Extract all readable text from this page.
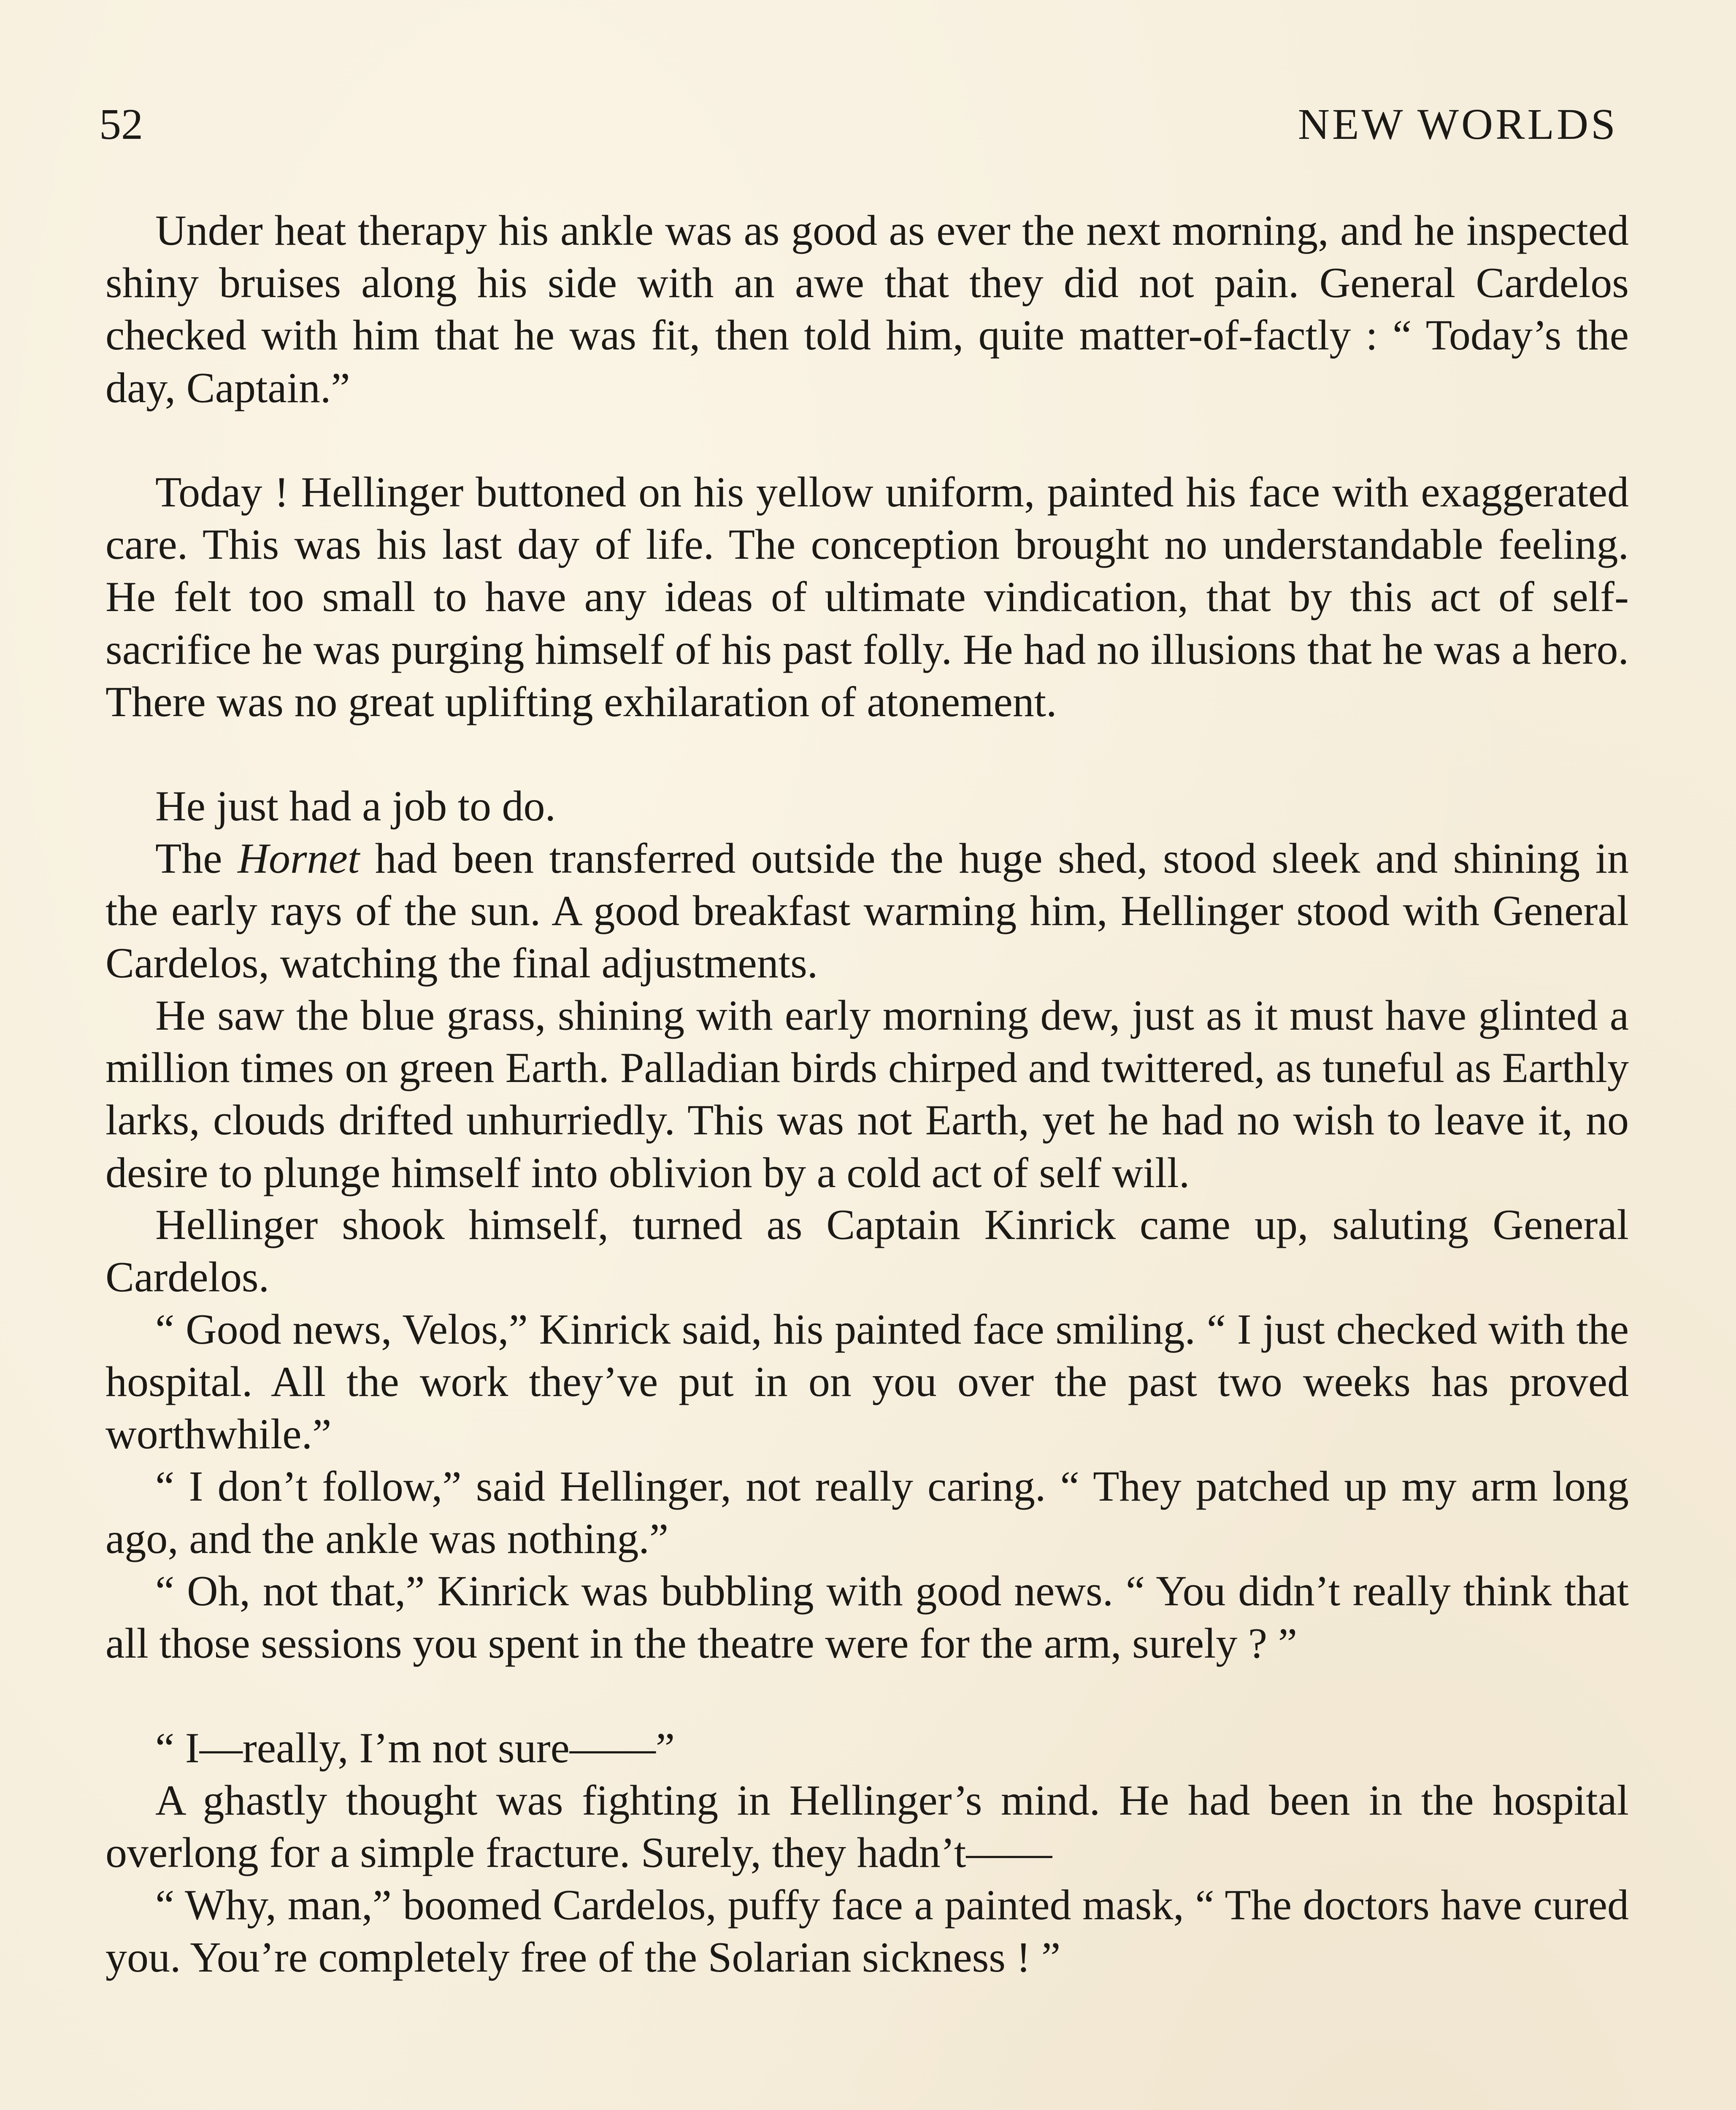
52	NEW WORLDS

Under heat therapy his ankle was as good as ever the next morning, and he inspected shiny bruises along his side with an awe that they did not pain. General Cardelos checked with him that he was fit, then told him, quite matter-of-factly : “ Today’s the day, Captain.”

Today ! Hellinger buttoned on his yellow uniform, painted his face with exaggerated care. This was his last day of life. The conception brought no understandable feeling. He felt too small to have any ideas of ultimate vindication, that by this act of self-sacrifice he was purging himself of his past folly. He had no illusions that he was a hero. There was no great uplifting exhilaration of atonement.

He just had a job to do.

The Hornet had been transferred outside the huge shed, stood sleek and shining in the early rays of the sun. A good breakfast warming him, Hellinger stood with General Cardelos, watching the final adjustments.

He saw the blue grass, shining with early morning dew, just as it must have glinted a million times on green Earth. Palladian birds chirped and twittered, as tuneful as Earthly larks, clouds drifted unhurriedly. This was not Earth, yet he had no wish to leave it, no desire to plunge himself into oblivion by a cold act of self will.

Hellinger shook himself, turned as Captain Kinrick came up, saluting General Cardelos.

“ Good news, Velos,” Kinrick said, his painted face smiling. “ I just checked with the hospital. All the work they’ve put in on you over the past two weeks has proved worthwhile.”

“ I don’t follow,” said Hellinger, not really caring. “ They patched up my arm long ago, and the ankle was nothing.”

“ Oh, not that,” Kinrick was bubbling with good news. “ You didn’t really think that all those sessions you spent in the theatre were for the arm, surely ? ”

“ I—really, I’m not sure——”

A ghastly thought was fighting in Hellinger’s mind. He had been in the hospital overlong for a simple fracture. Surely, they hadn’t——

“ Why, man,” boomed Cardelos, puffy face a painted mask, “ The doctors have cured you. You’re completely free of the Solarian sickness ! ”
